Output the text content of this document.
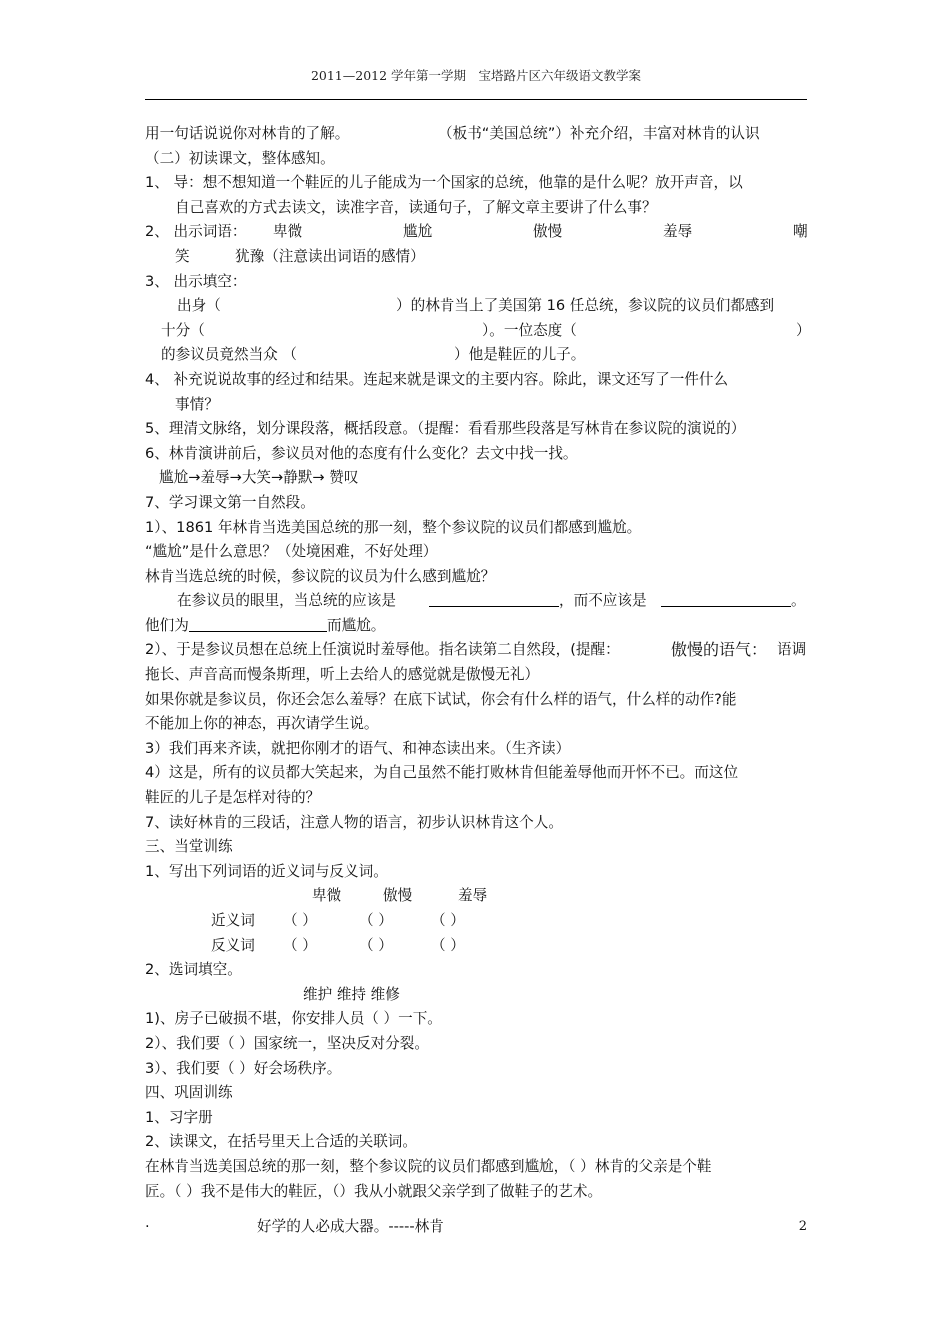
2011—2012 学年第一学期　宝塔路片区六年级语文教学案
用一句话说说你对林肯的了解。	（板书“美国总统”）补充介绍，丰富对林肯的认识
（二）初读课文，整体感知。
1、 导：想不想知道一个鞋匠的儿子能成为一个国家的总统，他靠的是什么呢？放开声音，以
自己喜欢的方式去读文，读准字音，读通句子，了解文章主要讲了什么事？
2、 出示词语： 卑微	尴尬	傲慢	羞辱	嘲
笑	犹豫（注意读出词语的感情）
3、 出示填空：
出身（	）的林肯当上了美国第 16 任总统，参议院的议员们都感到
十分（	）。一位态度（	）
的参议员竟然当众 （	）他是鞋匠的儿子。
4、 补充说说故事的经过和结果。连起来就是课文的主要内容。除此，课文还写了一件什么
事情？
5、理清文脉络，划分课段落，概括段意。（提醒：看看那些段落是写林肯在参议院的演说的）
6、林肯演讲前后，参议员对他的态度有什么变化？去文中找一找。
尴尬→羞辱→大笑→静默→ 赞叹
7、学习课文第一自然段。
1）、1861 年林肯当选美国总统的那一刻，整个参议院的议员们都感到尴尬。
“尴尬”是什么意思？（处境困难，不好处理）
林肯当选总统的时候，参议院的议员为什么感到尴尬？
在参议员的眼里，当总统的应该是	，而不应该是	。
他们为	而尴尬。
2）、于是参议员想在总统上任演说时羞辱他。指名读第二自然段，(提醒：	傲慢的语气： 语调
拖长、声音高而慢条斯理，听上去给人的感觉就是傲慢无礼）
如果你就是参议员，你还会怎么羞辱？在底下试试，你会有什么样的语气，什么样的动作?能
不能加上你的神态，再次请学生说。
3）我们再来齐读，就把你刚才的语气、和神态读出来。（生齐读）
4）这是，所有的议员都大笑起来，为自己虽然不能打败林肯但能羞辱他而开怀不已。而这位
鞋匠的儿子是怎样对待的？
7、读好林肯的三段话，注意人物的语言，初步认识林肯这个人。
三、当堂训练
1、写出下列词语的近义词与反义词。
卑微	傲慢	羞辱
近义词 （ ）	（ ）	（ ）
反义词 （ ）	（ ）	（ ）
2、选词填空。
维护 维持 维修
1)、房子已破损不堪，你安排人员（ ）一下。
2）、我们要（ ）国家统一，坚决反对分裂。
3）、我们要（ ）好会场秩序。
四、巩固训练
1、习字册
2、读课文，在括号里天上合适的关联词。
在林肯当选美国总统的那一刻，整个参议院的议员们都感到尴尬，（ ）林肯的父亲是个鞋
匠。（ ）我不是伟大的鞋匠，（）我从小就跟父亲学到了做鞋子的艺术。
·	好学的人必成大器。-----林肯	2
